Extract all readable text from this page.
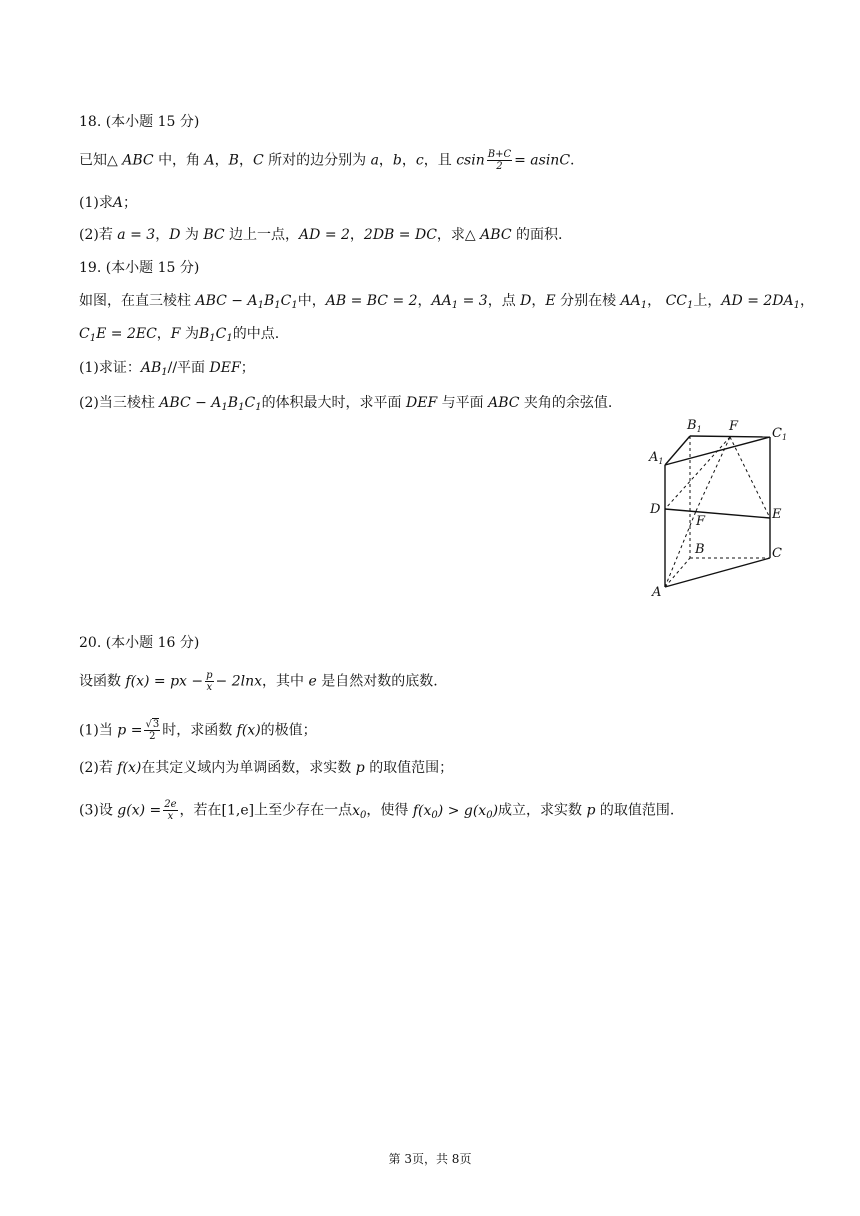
18. (本小题 15 分)
已知△ ABC 中，角 A，B，C 所对的边分别为 a，b，c，且 csin $\frac{B+C}{2} = asinC$.
(1)求A；
(2)若 a = 3，D 为 BC 边上一点，AD = 2，2DB = DC，求△ ABC 的面积.
19. (本小题 15 分)
如图，在直三棱柱 ABC − $A_1B_1C_1$中，AB = BC = 2，$AA_1 = 3$，点 D，E 分别在棱 $AA_1$， $CC_1$上，AD = $2DA_1$，
$C_1E = 2EC$，F 为$B_1C_1$的中点.
(1)求证：$AB_1//$平面 DEF；
(2)当三棱柱 ABC − $A_1B_1C_1$的体积最大时，求平面 DEF 与平面 ABC 夹角的余弦值.
$B_1$ F	$C_1$
$A_1$
D	E
F
B	C
A
20. (本小题 16 分)
设函数 f(x) = px − $\frac{p}{x} - 2\ln x$，其中 e 是自然对数的底数.
(1)当 $p = \frac{√3}{2}$ 时，求函数 f(x)的极值；
(2)若 f(x)在其定义域内为单调函数，求实数 p 的取值范围；
(3)设 $g(x) = \frac{2e}{x}$ ，若在[1,e]上至少存在一点$x_0$，使得 $f(x_0) > g(x_0)$成立，求实数 p 的取值范围.
第 3页，共 8页
